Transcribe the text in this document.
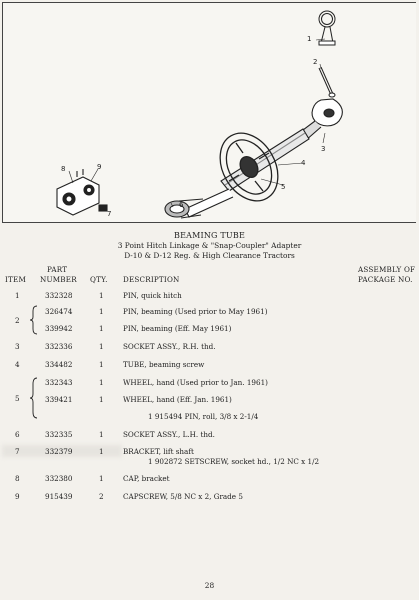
1
2
3
4
5
6
7
8	9
BEAMING TUBE
3 Point Hitch Linkage & "Snap-Coupler" Adapter
D-10 & D-12 Reg. & High Clearance Tractors
ITEM
PART
NUMBER QTY. DESCRIPTION
ASSEMBLY OF
PACKAGE NO.
1	332328	1	PIN, quick hitch
2
326474	1	PIN, beaming (Used prior to May 1961)
339942	1	PIN, beaming (Eff. May 1961)
3	332336	1	SOCKET ASSY., R.H. thd.
4	334482	1	TUBE, beaming screw
5
332343	1	WHEEL, hand (Used prior to Jan. 1961)
339421	1	WHEEL, hand (Eff. Jan. 1961)
1 915494 PIN, roll, 3/8 x 2-1/4
6	332335	1	SOCKET ASSY., L.H. thd.
7	332379	1	BRACKET, lift shaft
1 902872 SETSCREW, socket hd., 1/2 NC x 1/2
8	332380	1	CAP, bracket
9	915439	2	CAPSCREW, 5/8 NC x 2, Grade 5
28
